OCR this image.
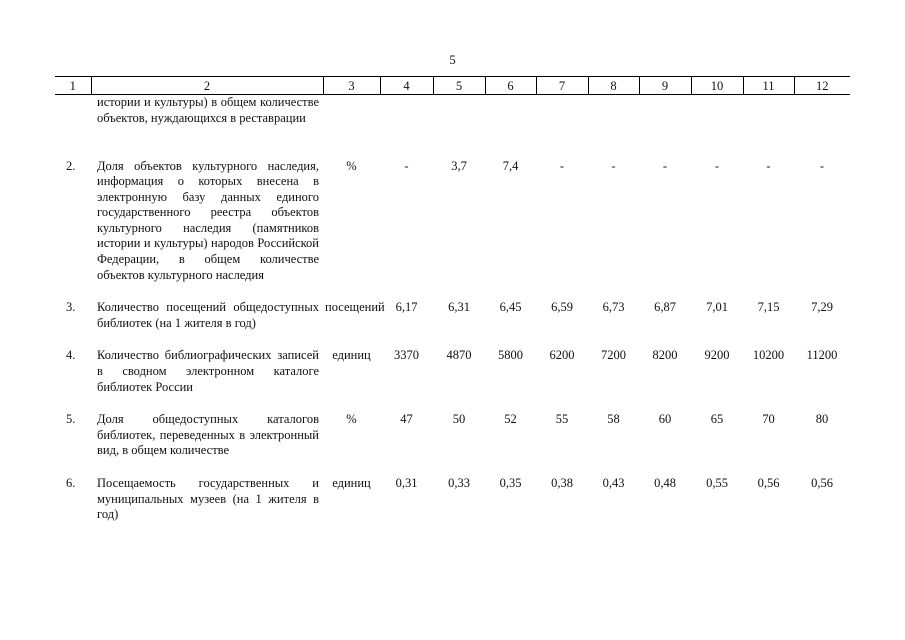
5
1	2	3	4	5	6	7	8	9	10	11	12
	истории и культуры) в общем количестве объектов, нуждающихся в реставрации										
2.	Доля объектов культурного наследия, информация о которых внесена в электронную базу данных единого государственного реестра объектов культурного наследия (памятников истории и культуры) народов Российской Федерации, в общем количестве объектов культурного наследия	%	-	3,7	7,4	-	-	-	-	-	-
3.	Количество посещений общедоступных библиотек (на 1 жителя в год)	посещений	6,17	6,31	6,45	6,59	6,73	6,87	7,01	7,15	7,29
4.	Количество библиографических записей в сводном электронном каталоге библиотек России	единиц	3370	4870	5800	6200	7200	8200	9200	10200	11200
5.	Доля общедоступных каталогов библиотек, переведенных в электронный вид, в общем количестве	%	47	50	52	55	58	60	65	70	80
6.	Посещаемость государственных и муниципальных музеев (на 1 жителя в год)	единиц	0,31	0,33	0,35	0,38	0,43	0,48	0,55	0,56	0,56
